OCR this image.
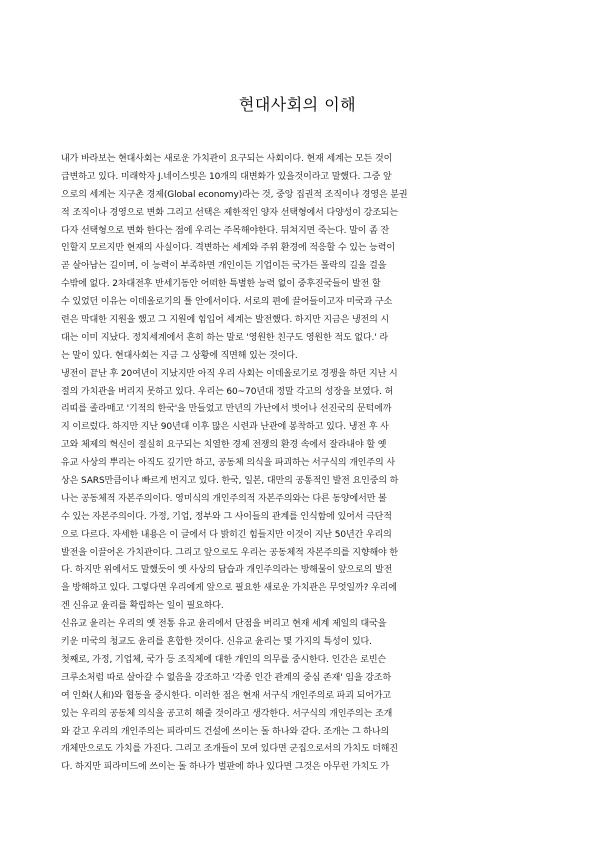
현대사회의 이해
내가 바라보는 현대사회는 새로운 가치관이 요구되는 사회이다. 현재 세계는 모든 것이
급변하고 있다. 미래학자 J.네이스빗은 10개의 대변화가 있을것이라고 말했다. 그중 앞
으로의 세계는 지구촌 경제(Global economy)라는 것, 중앙 집권적 조직이나 경영은 분권
적 조직이나 경영으로 변화 그리고 선택은 제한적인 양자 선택형에서 다양성이 강조되는
다자 선택형으로 변화 한다는 점에 우리는 주목해야한다. 뒤쳐지면 죽는다. 말이 좀 잔
인할지 모르지만 현재의 사실이다. 격변하는 세계와 주위 환경에 적응할 수 있는 능력이
곧 살아남는 길이며, 이 능력이 부족하면 개인이든 기업이든 국가든 몰락의 길을 걸을
수밖에 없다. 2차대전후 반세기동안 어떠한 특별한 능력 없이 중후진국들이 발전 할
수 있었던 이유는 이데올로기의 틀 안에서이다. 서로의 편에 끌어들이고자 미국과 구소
련은 막대한 지원을 했고 그 지원에 힘입어 세계는 발전했다. 하지만 지금은 냉전의 시
대는 이미 지났다. 정치세계에서 흔히 하는 말로 '영원한 친구도 영원한 적도 없다.' 라
는 말이 있다. 현대사회는 지금 그 상황에 직면해 있는 것이다.
냉전이 끝난 후 20여년이 지났지만 아직 우리 사회는 이데올로기로 경쟁을 하던 지난 시
절의 가치관을 버리지 못하고 있다. 우리는 60~70년대 정말 각고의 성장을 보였다. 허
리띠를 졸라매고 '기적의 한국'을 만들었고 만년의 가난에서 벗어나 선진국의 문턱에까
지 이르렀다. 하지만 지난 90년대 이후 많은 시련과 난관에 봉착하고 있다. 냉전 후 사
고와 체제의 혁신이 절실히 요구되는 치열한 경제 전쟁의 환경 속에서 잘라내야 할 옛
유교 사상의 뿌리는 아직도 깊기만 하고, 공동체 의식을 파괴하는 서구식의 개인주의 사
상은 SARS만큼이나 빠르게 번지고 있다. 한국, 일본, 대만의 공통적인 발전 요인중의 하
나는 공동체적 자본주의이다. 영미식의 개인주의적 자본주의와는 다른 동양에서만 볼
수 있는 자본주의이다. 가정, 기업, 정부와 그 사이들의 관계를 인식함에 있어서 극단적
으로 다르다. 자세한 내용은 이 글에서 다 밝히긴 힘들지만 이것이 지난 50년간 우리의
발전을 이끌어온 가치관이다. 그리고 앞으로도 우리는 공동체적 자본주의를 지향해야 한
다. 하지만 위에서도 말했듯이 옛 사상의 답습과 개인주의라는 방해물이 앞으로의 발전
을 방해하고 있다. 그렇다면 우리에게 앞으로 필요한 새로운 가치관은 무엇일까? 우리에
겐 신유교 윤리를 확립하는 일이 필요하다.
신유교 윤리는 우리의 옛 전통 유교 윤리에서 단점을 버리고 현재 세계 제일의 대국을
키운 미국의 청교도 윤리를 혼합한 것이다. 신유교 윤리는 몇 가지의 특성이 있다.
첫째로, 가정, 기업체, 국가 등 조직체에 대한 개인의 의무를 중시한다. 인간은 로빈슨
크루소처럼 따로 살아갈 수 없음을 강조하고 '각종 인간 관계의 중심 존재' 임을 강조하
여 인화(人和)와 협동을 중시한다. 이러한 점은 현재 서구식 개인주의로 파괴 되어가고
있는 우리의 공동체 의식을 공고히 해줄 것이라고 생각한다. 서구식의 개인주의는 조개
와 같고 우리의 개인주의는 피라미드 건설에 쓰이는 돌 하나와 같다. 조개는 그 하나의
개체만으로도 가치를 가진다. 그리고 조개들이 모여 있다면 군집으로서의 가치도 더해진
다. 하지만 피라미드에 쓰이는 돌 하나가 벌판에 하나 있다면 그것은 아무런 가치도 가
